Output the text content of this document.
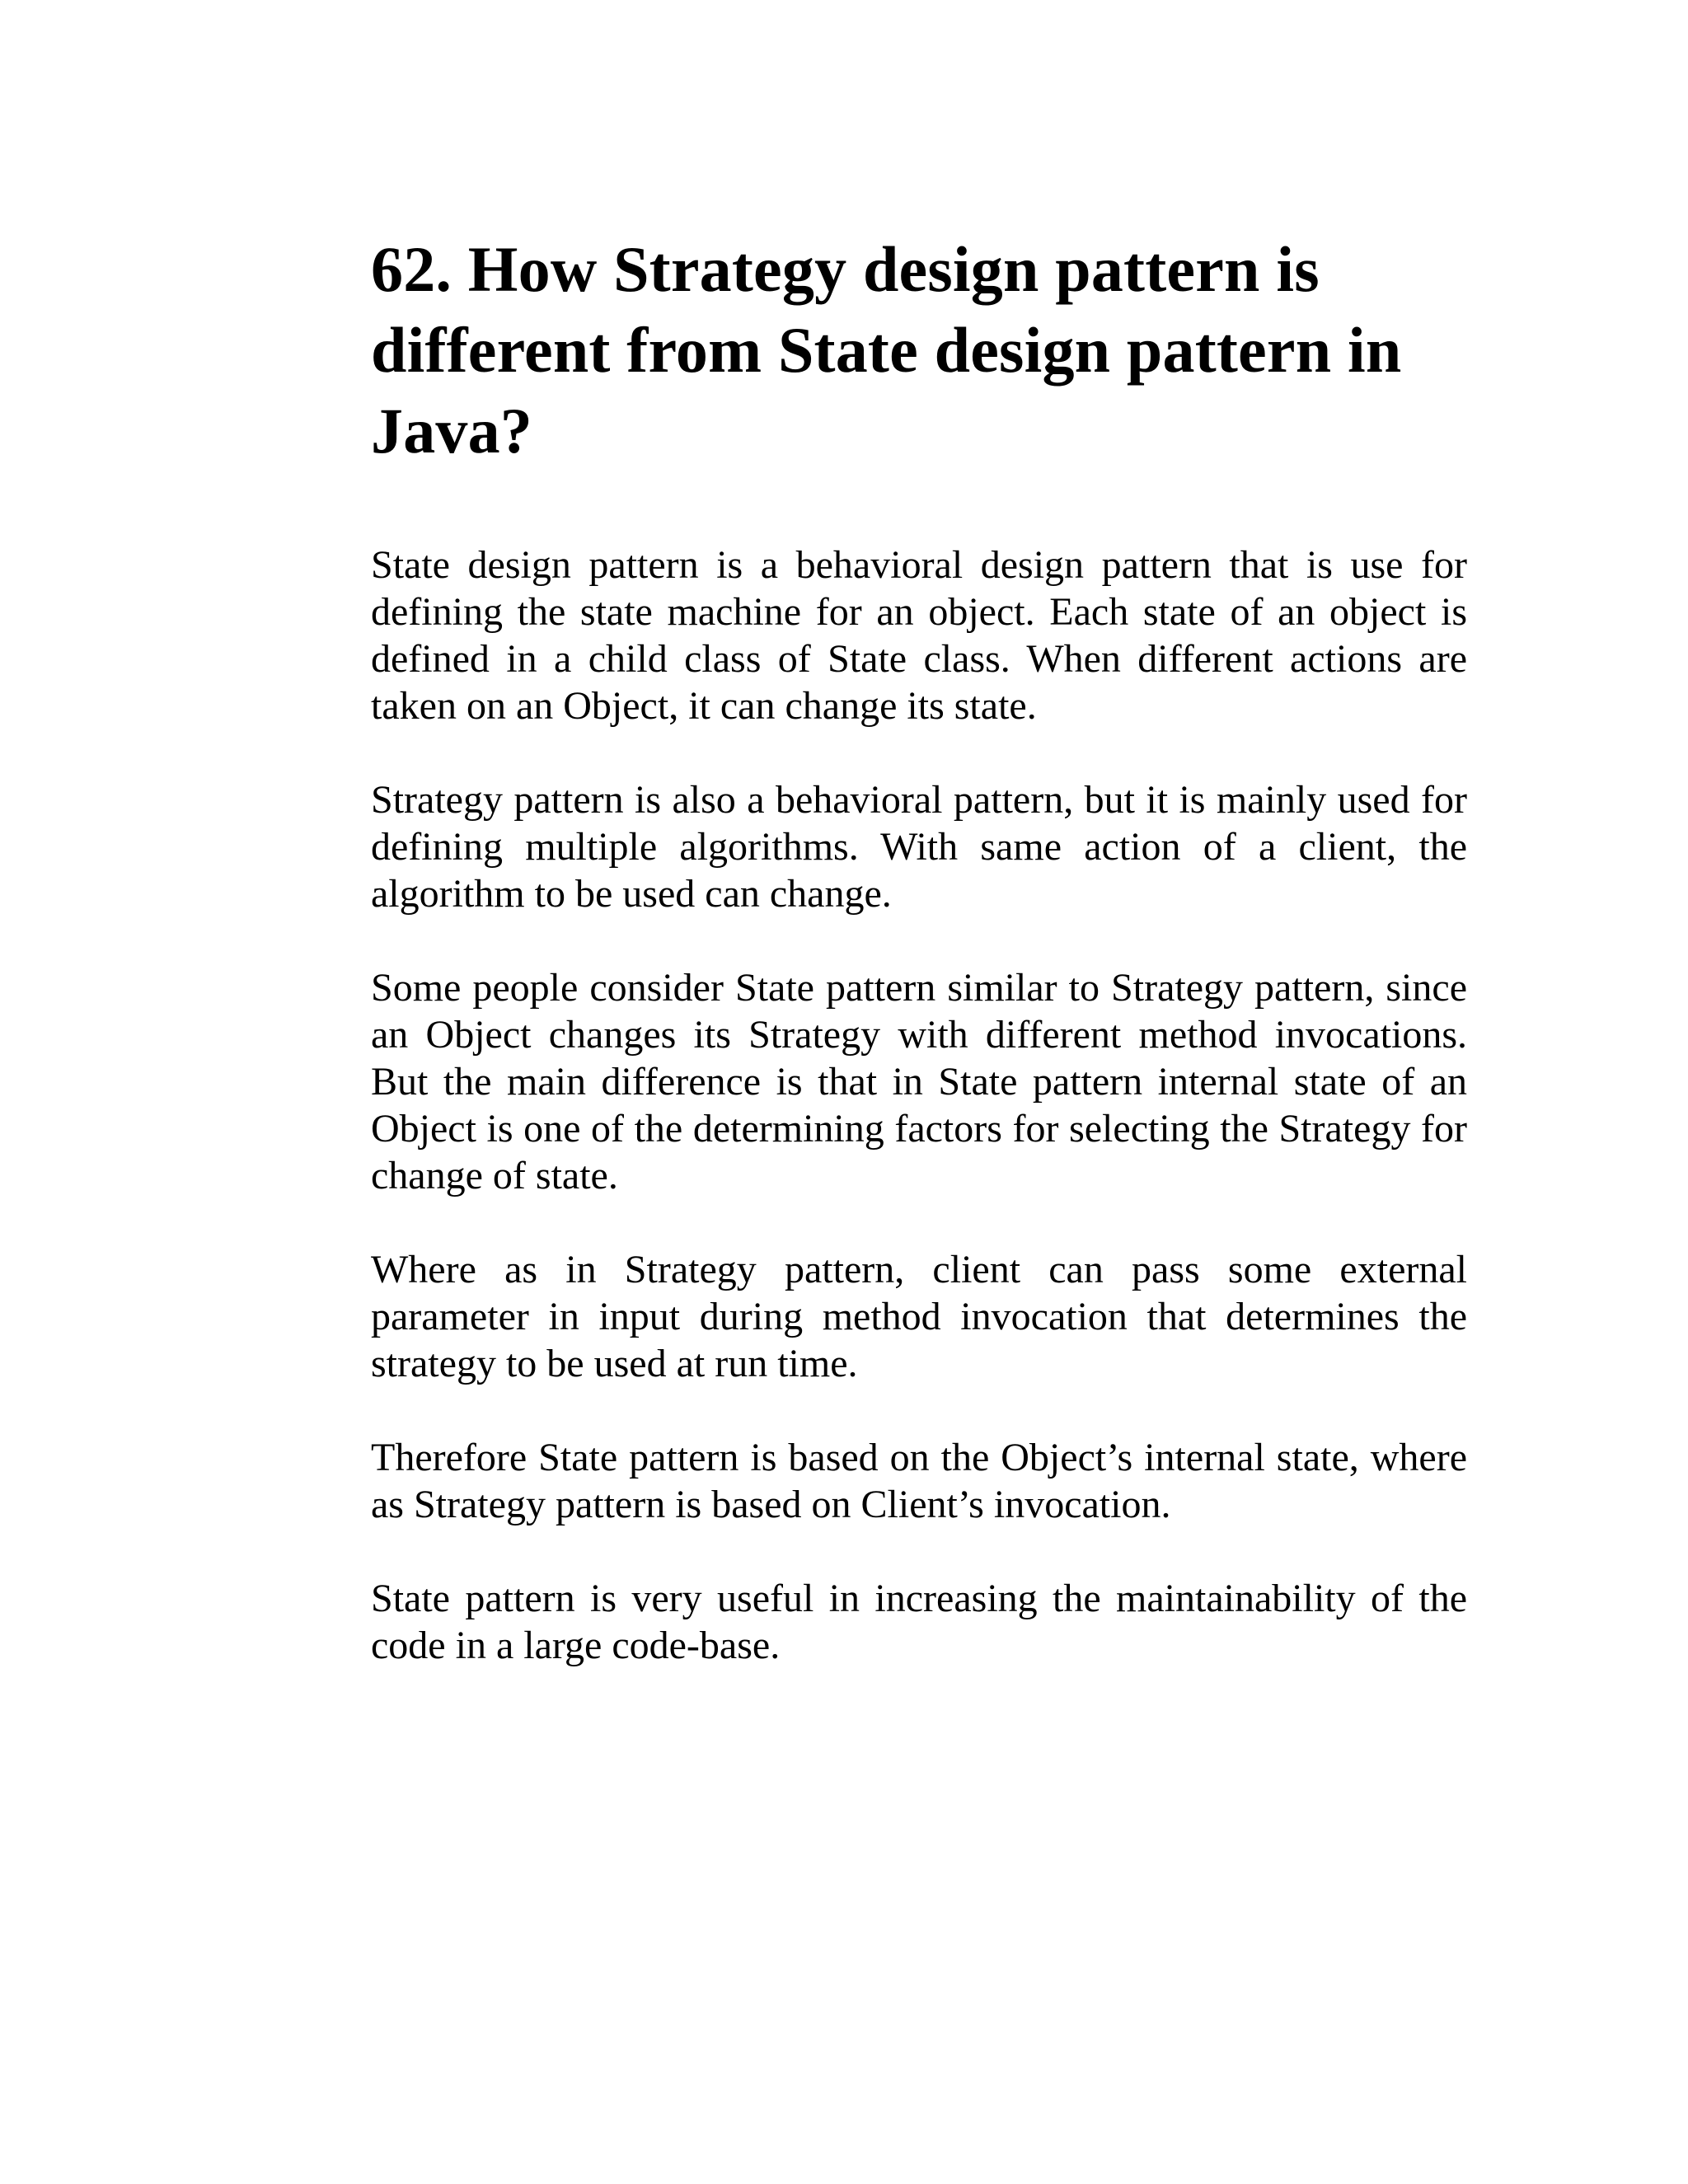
62. How Strategy design pattern is different from State design pattern in Java?

State design pattern is a behavioral design pattern that is use for defining the state machine for an object. Each state of an object is defined in a child class of State class. When different actions are taken on an Object, it can change its state.

Strategy pattern is also a behavioral pattern, but it is mainly used for defining multiple algorithms. With same action of a client, the algorithm to be used can change.

Some people consider State pattern similar to Strategy pattern, since an Object changes its Strategy with different method invocations. But the main difference is that in State pattern internal state of an Object is one of the determining factors for selecting the Strategy for change of state.

Where as in Strategy pattern, client can pass some external parameter in input during method invocation that determines the strategy to be used at run time.

Therefore State pattern is based on the Object’s internal state, where as Strategy pattern is based on Client’s invocation.

State pattern is very useful in increasing the maintainability of the code in a large code-base.
